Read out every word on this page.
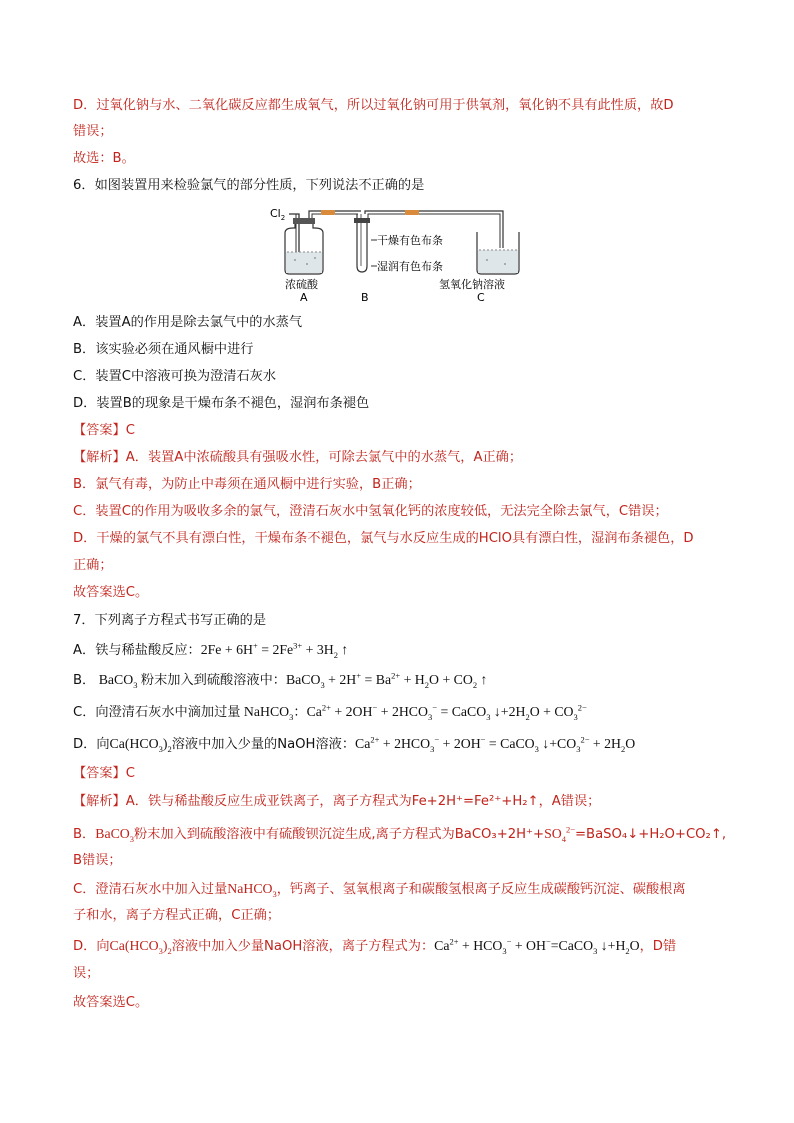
D．过氧化钠与水、二氧化碳反应都生成氧气，所以过氧化钠可用于供氧剂，氧化钠不具有此性质，故D
错误；
故选：B。
6．如图装置用来检验氯气的部分性质，下列说法不正确的是
$Cl_2$
干燥有色布条
湿润有色布条
浓硫酸
A	B
氢氧化钠溶液
C
A．装置A的作用是除去氯气中的水蒸气
B．该实验必须在通风橱中进行
C．装置C中溶液可换为澄清石灰水
D．装置B的现象是干燥布条不褪色，湿润布条褪色
【答案】C
【解析】A．装置A中浓硫酸具有强吸水性，可除去氯气中的水蒸气，A正确；
B．氯气有毒，为防止中毒须在通风橱中进行实验，B正确；
C．装置C的作用为吸收多余的氯气，澄清石灰水中氢氧化钙的浓度较低，无法完全除去氯气，C错误；
D．干燥的氯气不具有漂白性，干燥布条不褪色，氯气与水反应生成的HClO具有漂白性，湿润布条褪色，D
正确；
故答案选C。
7．下列离子方程式书写正确的是
A．铁与稀盐酸反应：$2Fe + 6H^+ = 2Fe^{3+} + 3H_2$ ↑
B． BaCO$_3$ 粉末加入到硫酸溶液中：BaCO$_3$ + $2H^+ = Ba^{2+} + H_2O + CO_2$ ↑
C．向澄清石灰水中滴加过量 NaHCO$_3$：$Ca^{2+} + 2OH^- + 2HCO_3^-$ = CaCO$_3$ $↓+2H_2O + CO_3^{2-}$
D．向$Ca(HCO_3)_2$溶液中加入少量的NaOH溶液：$Ca^{2+} + 2HCO_3^- + 2OH^-$ = CaCO$_3$ $↓+CO_3^{2-} + 2H_2O$
【答案】C
【解析】A．铁与稀盐酸反应生成亚铁离子，离子方程式为Fe+2H⁺=Fe²⁺+H₂↑，A错误；
B．BaCO$_3$粉末加入到硫酸溶液中有硫酸钡沉淀生成,离子方程式为$BaCO_3+2H^++SO_4^{2-}=BaSO_4↓+H_2O+CO_2↑$,
B错误；
C．澄清石灰水中加入过量NaHCO$_3$，钙离子、氢氧根离子和碳酸氢根离子反应生成碳酸钙沉淀、碳酸根离
子和水，离子方程式正确，C正确；
D．向$Ca(HCO_3)_2$溶液中加入少量NaOH溶液，离子方程式为：$Ca^{2+} + HCO_3^-$ + OH−=CaCO$_3$ $↓+H_2O$，D错
误；
故答案选C。
